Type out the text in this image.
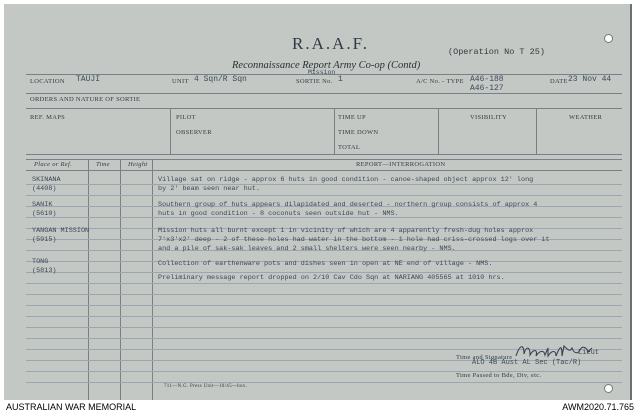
R.A.A.F.
Reconnaissance Report Army Co-op (Contd)
(Operation No T 25)
LOCATION TAUJI	UNIT 4 Sqn/R Sqn
Mission
SORTIE No. 1	A/C No. - TYPE A46-188
A46-127
DATE 23 Nov 44
ORDERS AND NATURE OF SORTIE
REF. MAPS	PILOT
OBSERVER
TIME UP
TIME DOWN
TOTAL
VISIBILITY	WEATHER
Place or Ref.	Time	Height	REPORT—INTERROGATION
SKINANA
(4408)
Village sat on ridge - approx 6 huts in good condition - canoe-shaped object approx 12' long
by 2' beam seen near hut.
SANIK
(5610)
Southern group of huts appears dilapidated and deserted - northern group consists of approx 4
huts in good condition - 8 coconuts seen outside hut - NMS.
YANGAN MISSION
(5915)
Mission huts all burnt except 1 in vicinity of which are 4 apparently fresh-dug holes approx
7'x3'x2' deep - 2 of these holes had water in the bottom - 1 hole had criss-crossed logs over it
and a pile of sak-sak leaves and 2 small shelters were seen nearby - NMS.
TONG
(5813)
Collection of earthenware pots and dishes seen in open at NE end of village - NMS.
Preliminary message report dropped on 2/10 Cav Cdo Sqn at NARIANG 405565 at 1010 hrs.
Time and Signature
Lieut
ALO 4B Aust AL Sec (Tac/R)
Time Passed to Bde, Div, etc.
711—N.G. Press Unit—10/45—box.
AUSTRALIAN WAR MEMORIAL	AWM2020.71.765
